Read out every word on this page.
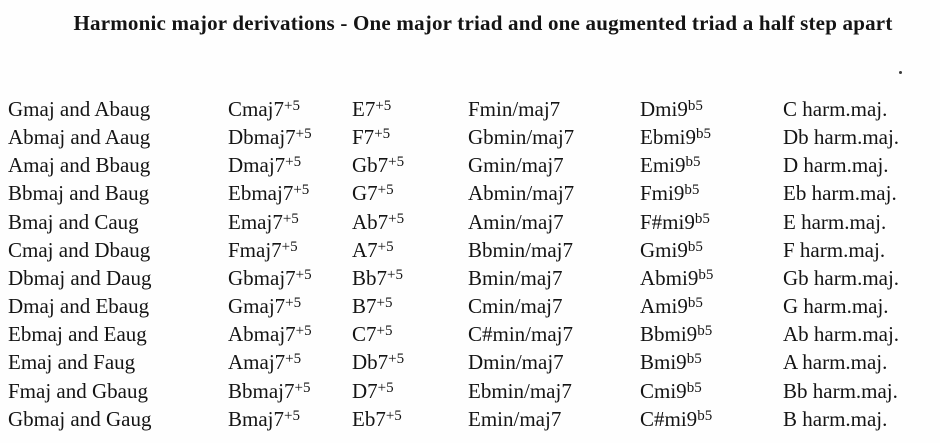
Harmonic major derivations - One major triad and one augmented triad a half step apart
Gmaj and Abaug	$Cmaj7^{+5}$	$E7^{+5}$	Fmin/maj7	$Dmi9^{b5}$	C harm.maj.
Abmaj and Aaug	$Dbmaj7^{+5}$	$F7^{+5}$	Gbmin/maj7	$Ebmi9^{b5}$	Db harm.maj.
Amaj and Bbaug	$Dmaj7^{+5}$	$Gb7^{+5}$	Gmin/maj7	$Emi9^{b5}$	D harm.maj.
Bbmaj and Baug	$Ebmaj7^{+5}$	$G7^{+5}$	Abmin/maj7	$Fmi9^{b5}$	Eb harm.maj.
Bmaj and Caug	$Emaj7^{+5}$	$Ab7^{+5}$	Amin/maj7	$F\#mi9^{b5}$	E harm.maj.
Cmaj and Dbaug	$Fmaj7^{+5}$	$A7^{+5}$	Bbmin/maj7	$Gmi9^{b5}$	F harm.maj.
Dbmaj and Daug	$Gbmaj7^{+5}$	$Bb7^{+5}$	Bmin/maj7	$Abmi9^{b5}$	Gb harm.maj.
Dmaj and Ebaug	$Gmaj7^{+5}$	$B7^{+5}$	Cmin/maj7	$Ami9^{b5}$	G harm.maj.
Ebmaj and Eaug	$Abmaj7^{+5}$	$C7^{+5}$	C#min/maj7	$Bbmi9^{b5}$	Ab harm.maj.
Emaj and Faug	$Amaj7^{+5}$	$Db7^{+5}$	Dmin/maj7	$Bmi9^{b5}$	A harm.maj.
Fmaj and Gbaug	$Bbmaj7^{+5}$	$D7^{+5}$	Ebmin/maj7	$Cmi9^{b5}$	Bb harm.maj.
Gbmaj and Gaug	$Bmaj7^{+5}$	$Eb7^{+5}$	Emin/maj7	$C\#mi9^{b5}$	B harm.maj.
